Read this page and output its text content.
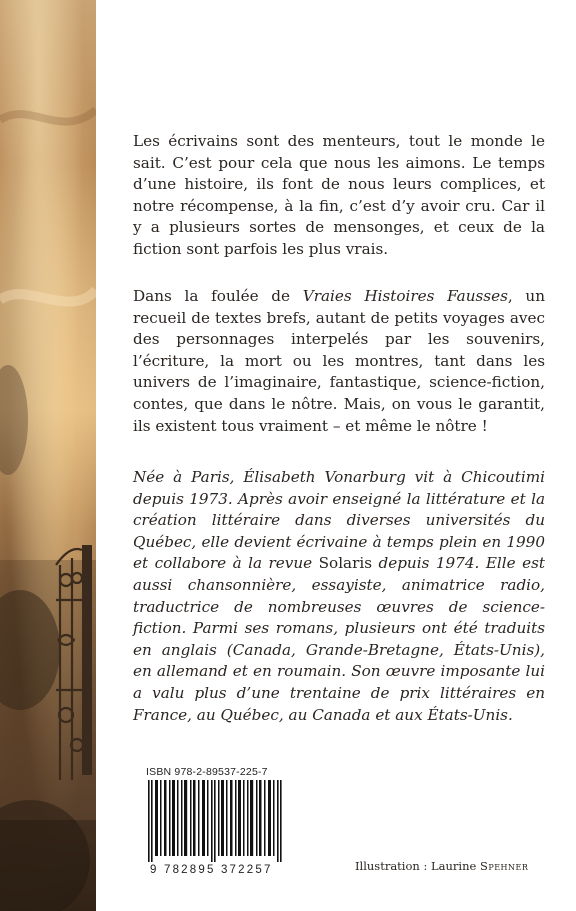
Les écrivains sont des menteurs, tout le monde le sait. C’est pour cela que nous les aimons. Le temps d’une histoire, ils font de nous leurs complices, et notre récompense, à la fin, c’est d’y avoir cru. Car il y a plusieurs sortes de mensonges, et ceux de la fiction sont parfois les plus vrais.

Dans la foulée de Vraies Histoires Fausses, un recueil de textes brefs, autant de petits voyages avec des personnages interpelés par les souvenirs, l’écriture, la mort ou les montres, tant dans les univers de l’imaginaire, fantastique, science-fiction, contes, que dans le nôtre. Mais, on vous le garantit, ils existent tous vraiment – et même le nôtre !

Née à Paris, Élisabeth Vonarburg vit à Chicoutimi depuis 1973. Après avoir enseigné la littérature et la création littéraire dans diverses universités du Québec, elle devient écrivaine à temps plein en 1990 et collabore à la revue Solaris depuis 1974. Elle est aussi chansonnière, essayiste, animatrice radio, traductrice de nombreuses œuvres de science-fiction. Parmi ses romans, plusieurs ont été traduits en anglais (Canada, Grande-Bretagne, États-Unis), en allemand et en roumain. Son œuvre imposante lui a valu plus d’une trentaine de prix littéraires en France, au Québec, au Canada et aux États-Unis.

ISBN 978-2-89537-225-7
9 782895 372257	Illustration : Laurine Spehner
